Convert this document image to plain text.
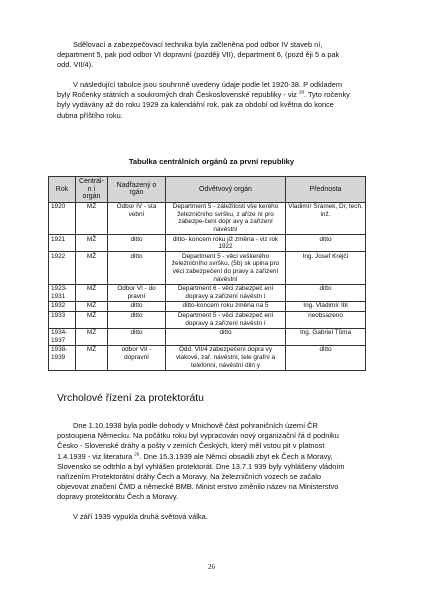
Sdělovací a zabezpečovací technika byla začleněna pod odbor IV staveb ní, department 5, pak pod odbor VI dopravní (později VII), department 6, (pozd ěji 5 a pak odd. VII/4).

V následující tabulce jsou souhrnně uvedeny údaje podle let 1920-38. P odkladem byly Ročenky státních a soukromých drah Československé republiky - viz $^{28}$. Tyto ročenky byly vydávány až do roku 1929 za kalendářní rok, pak za období od května do konce dubna příštího roku.

Tabulka centrálních orgánů za první republiky
Rok	Centrál-n í orgán	Nadřazený o rgán	Odvětvový orgán	Přednosta
1920	MŽ	Odbor IV - sta vební	Department 5 - záležitosti vše kerého železničního svršku, z aříze ní pro zabezpe-čení dopr avy a zařízení návěstní	Vladimír Šrámek, Dr, tech. inž.
1921	MŽ	ditto	ditto- koncem roku již změna - viz rok 1922	ditto
1922	MŽ	ditto	Department 5 - věci veškerého železničního svršku, (5b) sk upina pro věci zabezpečení do pravy a zařízení návěstní	Ing. Josef Krejčí
1923-1931	MŽ	Odbor VI - do pravní	Department 6 - věci zabezpeč ení dopravy a zařízení návěstn í	ditto
1932	MŽ	ditto	ditto-koncem roku změna na 5	Ing. Vladimír Ibl
1933	MŽ	ditto	Department 5 - věci zabezpeč ení dopravy a zařízení návěstn í	neobsazeno
1934-1937	MŽ	ditto	ditto	Ing. Gabriel Tůma
1938-1939	MŽ	odbor VII - dopravní	Odd. VII/4 zabezpečení dopra vy vlakové, zař. návěstní, tele grafní a telefonní, návěstní dlin y	ditto
Vrcholové řízení za protektorátu

Dne 1.10.1938 byla podle dohody v Mnichově část pohraničních území ČR postoupena Německu. Na počátku roku byl vypracován nový organizační řá d podniku Česko - Slovenské dráhy a pošty v zemích Českých, který měl vstou pit v platnost 1.4.1939 - viz literatura $^{26}$. Dne 15.3.1939 ale Němci obsadili zbyt ek Čech a Moravy, Slovensko se odtrhlo a byl vyhlášen protektorát. Dne 13.7.1 939 byly vyhlášeny vládním nařízením Protektorátní dráhy Čech a Moravy. Na železničních vozech se začalo objevovat značení ČMD a německé BMB. Minist erstvo změnilo název na Ministerstvo dopravy protektorátu Čech a Moravy.

V září 1939 vypukla druhá světová válka.

26
